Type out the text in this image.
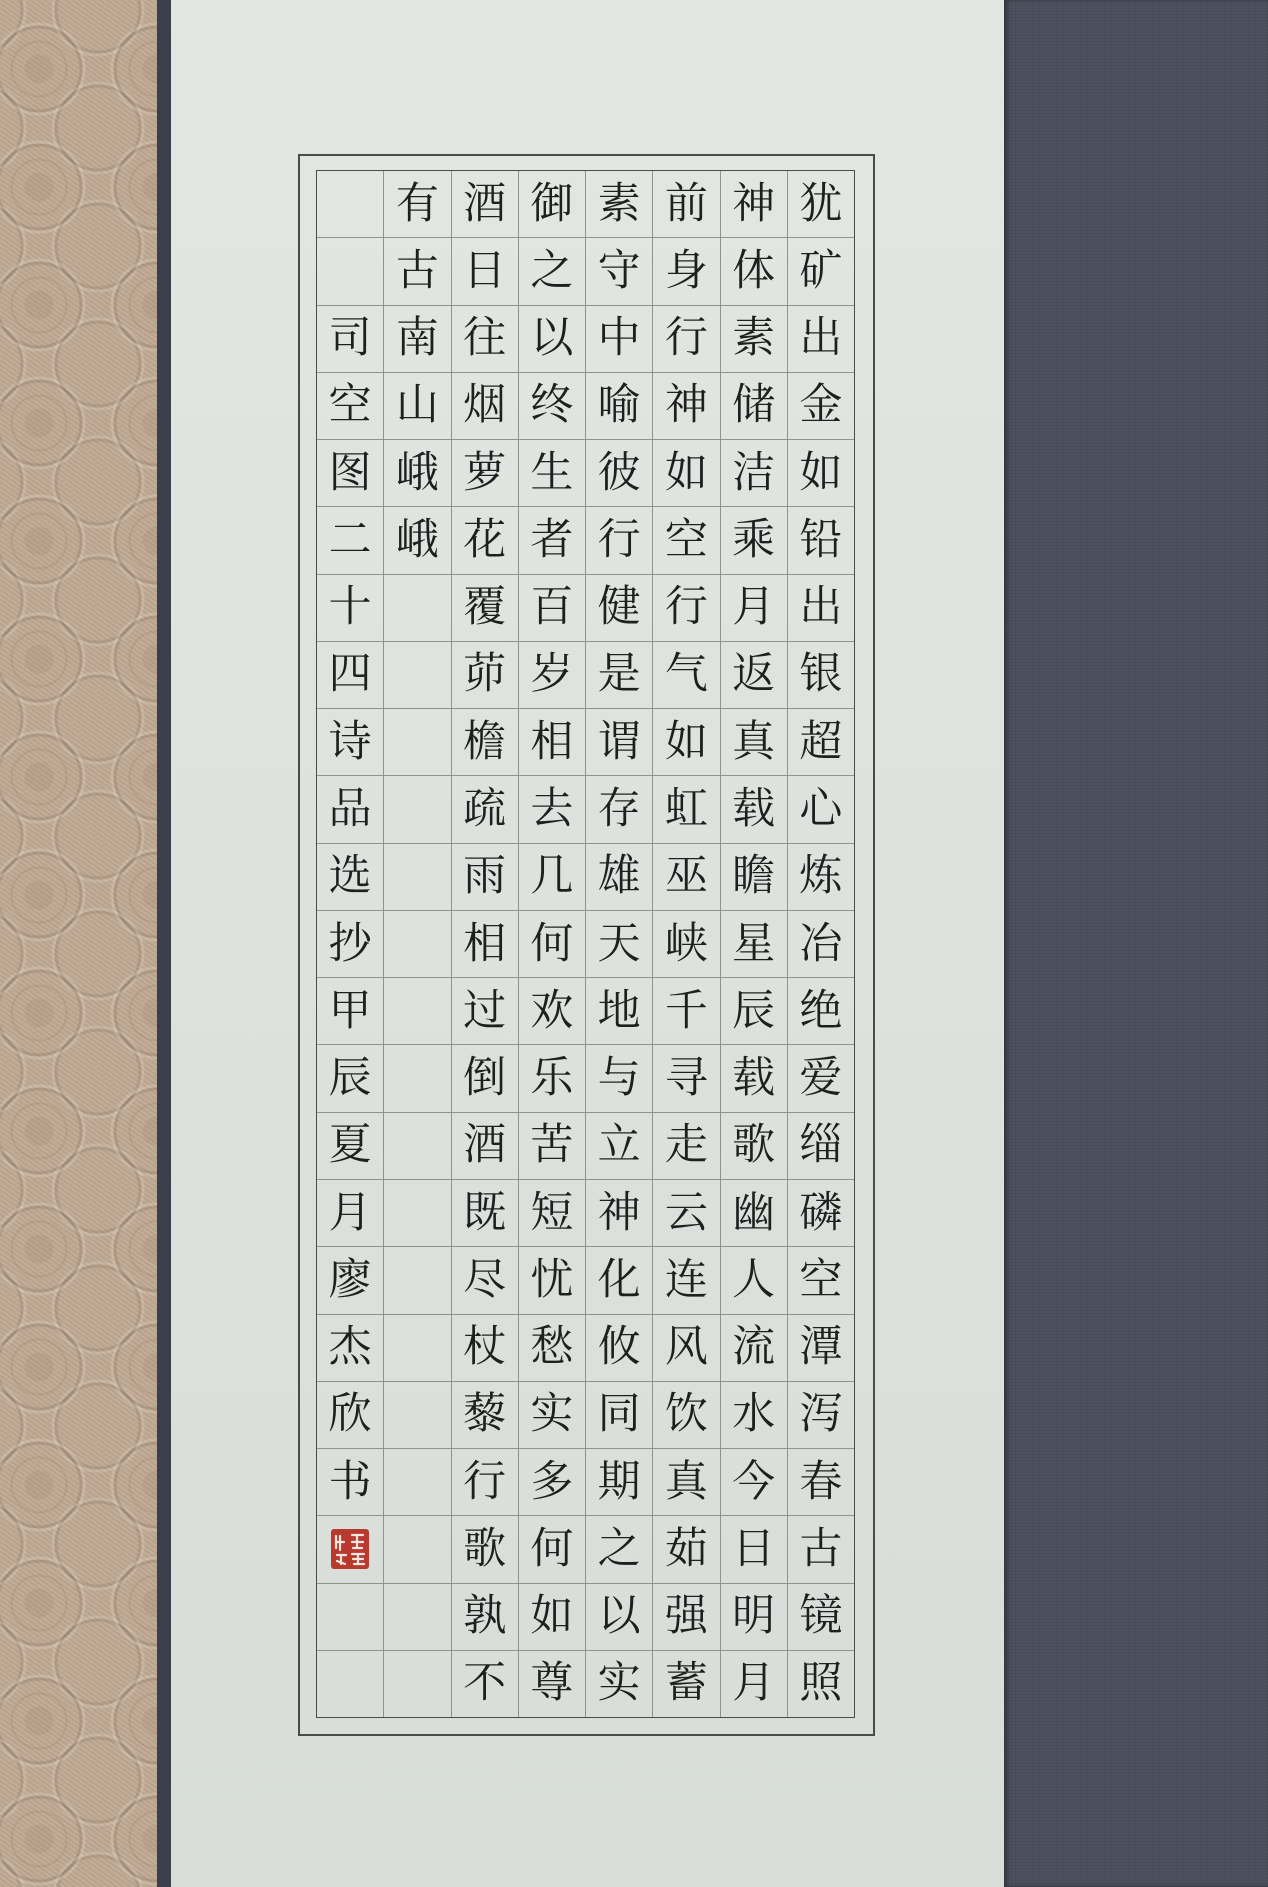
犹
矿
出
金
如
铅
出
银
超
心
炼
冶
绝
爱
缁
磷
空
潭
泻
春
古
镜
照
神
体
素
储
洁
乘
月
返
真
载
瞻
星
辰
载
歌
幽
人
流
水
今
日
明
月
前
身
行
神
如
空
行
气
如
虹
巫
峡
千
寻
走
云
连
风
饮
真
茹
强
蓄
素
守
中
喻
彼
行
健
是
谓
存
雄
天
地
与
立
神
化
攸
同
期
之
以
实
御
之
以
终
生
者
百
岁
相
去
几
何
欢
乐
苦
短
忧
愁
实
多
何
如
尊
酒
日
往
烟
萝
花
覆
茆
檐
疏
雨
相
过
倒
酒
既
尽
杖
藜
行
歌
孰
不
有
古
南
山
峨
峨
司
空
图
二
十
四
诗
品
选
抄
甲
辰
夏
月
廖
杰
欣
书
